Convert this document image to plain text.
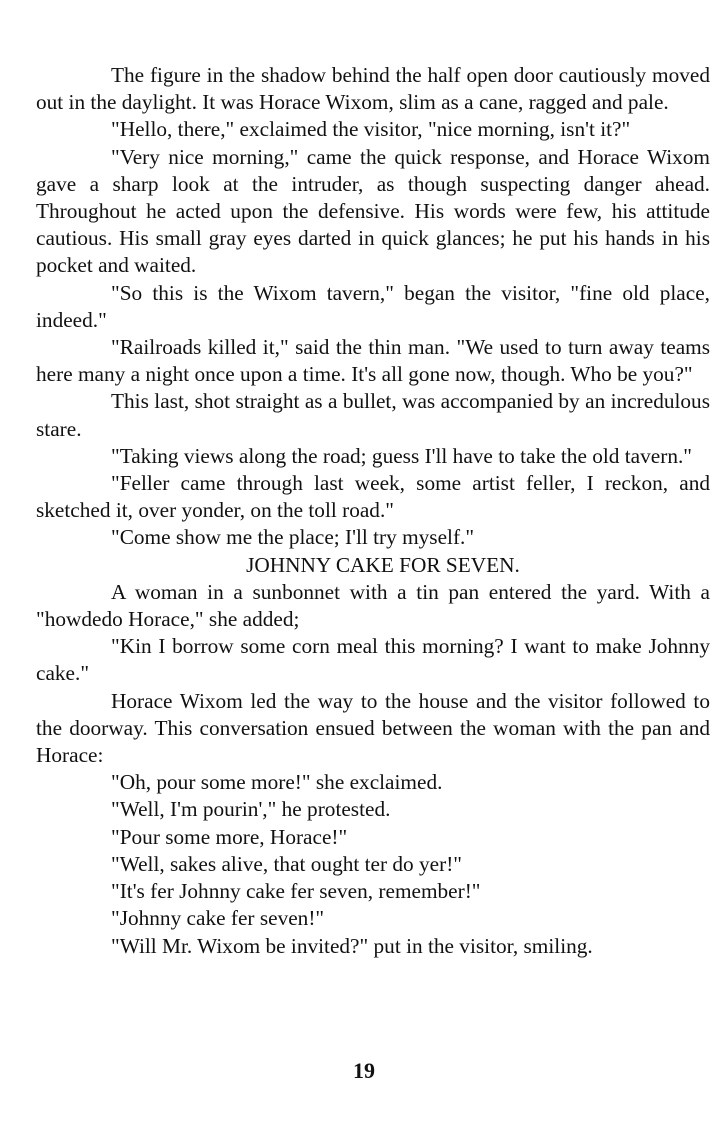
The figure in the shadow behind the half open door cautiously moved out in the daylight. It was Horace Wixom, slim as a cane, ragged and pale.

"Hello, there," exclaimed the visitor, "nice morning, isn't it?"

"Very nice morning," came the quick response, and Horace Wixom gave a sharp look at the intruder, as though suspecting danger ahead. Throughout he acted upon the defensive. His words were few, his attitude cautious. His small gray eyes darted in quick glances; he put his hands in his pocket and waited.

"So this is the Wixom tavern," began the visitor, "fine old place, indeed."

"Railroads killed it," said the thin man. "We used to turn away teams here many a night once upon a time. It's all gone now, though. Who be you?"

This last, shot straight as a bullet, was accompanied by an incredulous stare.

"Taking views along the road; guess I'll have to take the old tavern."

"Feller came through last week, some artist feller, I reckon, and sketched it, over yonder, on the toll road."

"Come show me the place; I'll try myself."

JOHNNY CAKE FOR SEVEN.

A woman in a sunbonnet with a tin pan entered the yard. With a "howdedo Horace," she added;

"Kin I borrow some corn meal this morning? I want to make Johnny cake."

Horace Wixom led the way to the house and the visitor followed to the doorway. This conversation ensued between the woman with the pan and Horace:

"Oh, pour some more!" she exclaimed.

"Well, I'm pourin'," he protested.

"Pour some more, Horace!"

"Well, sakes alive, that ought ter do yer!"

"It's fer Johnny cake fer seven, remember!"

"Johnny cake fer seven!"

"Will Mr. Wixom be invited?" put in the visitor, smiling.

19
